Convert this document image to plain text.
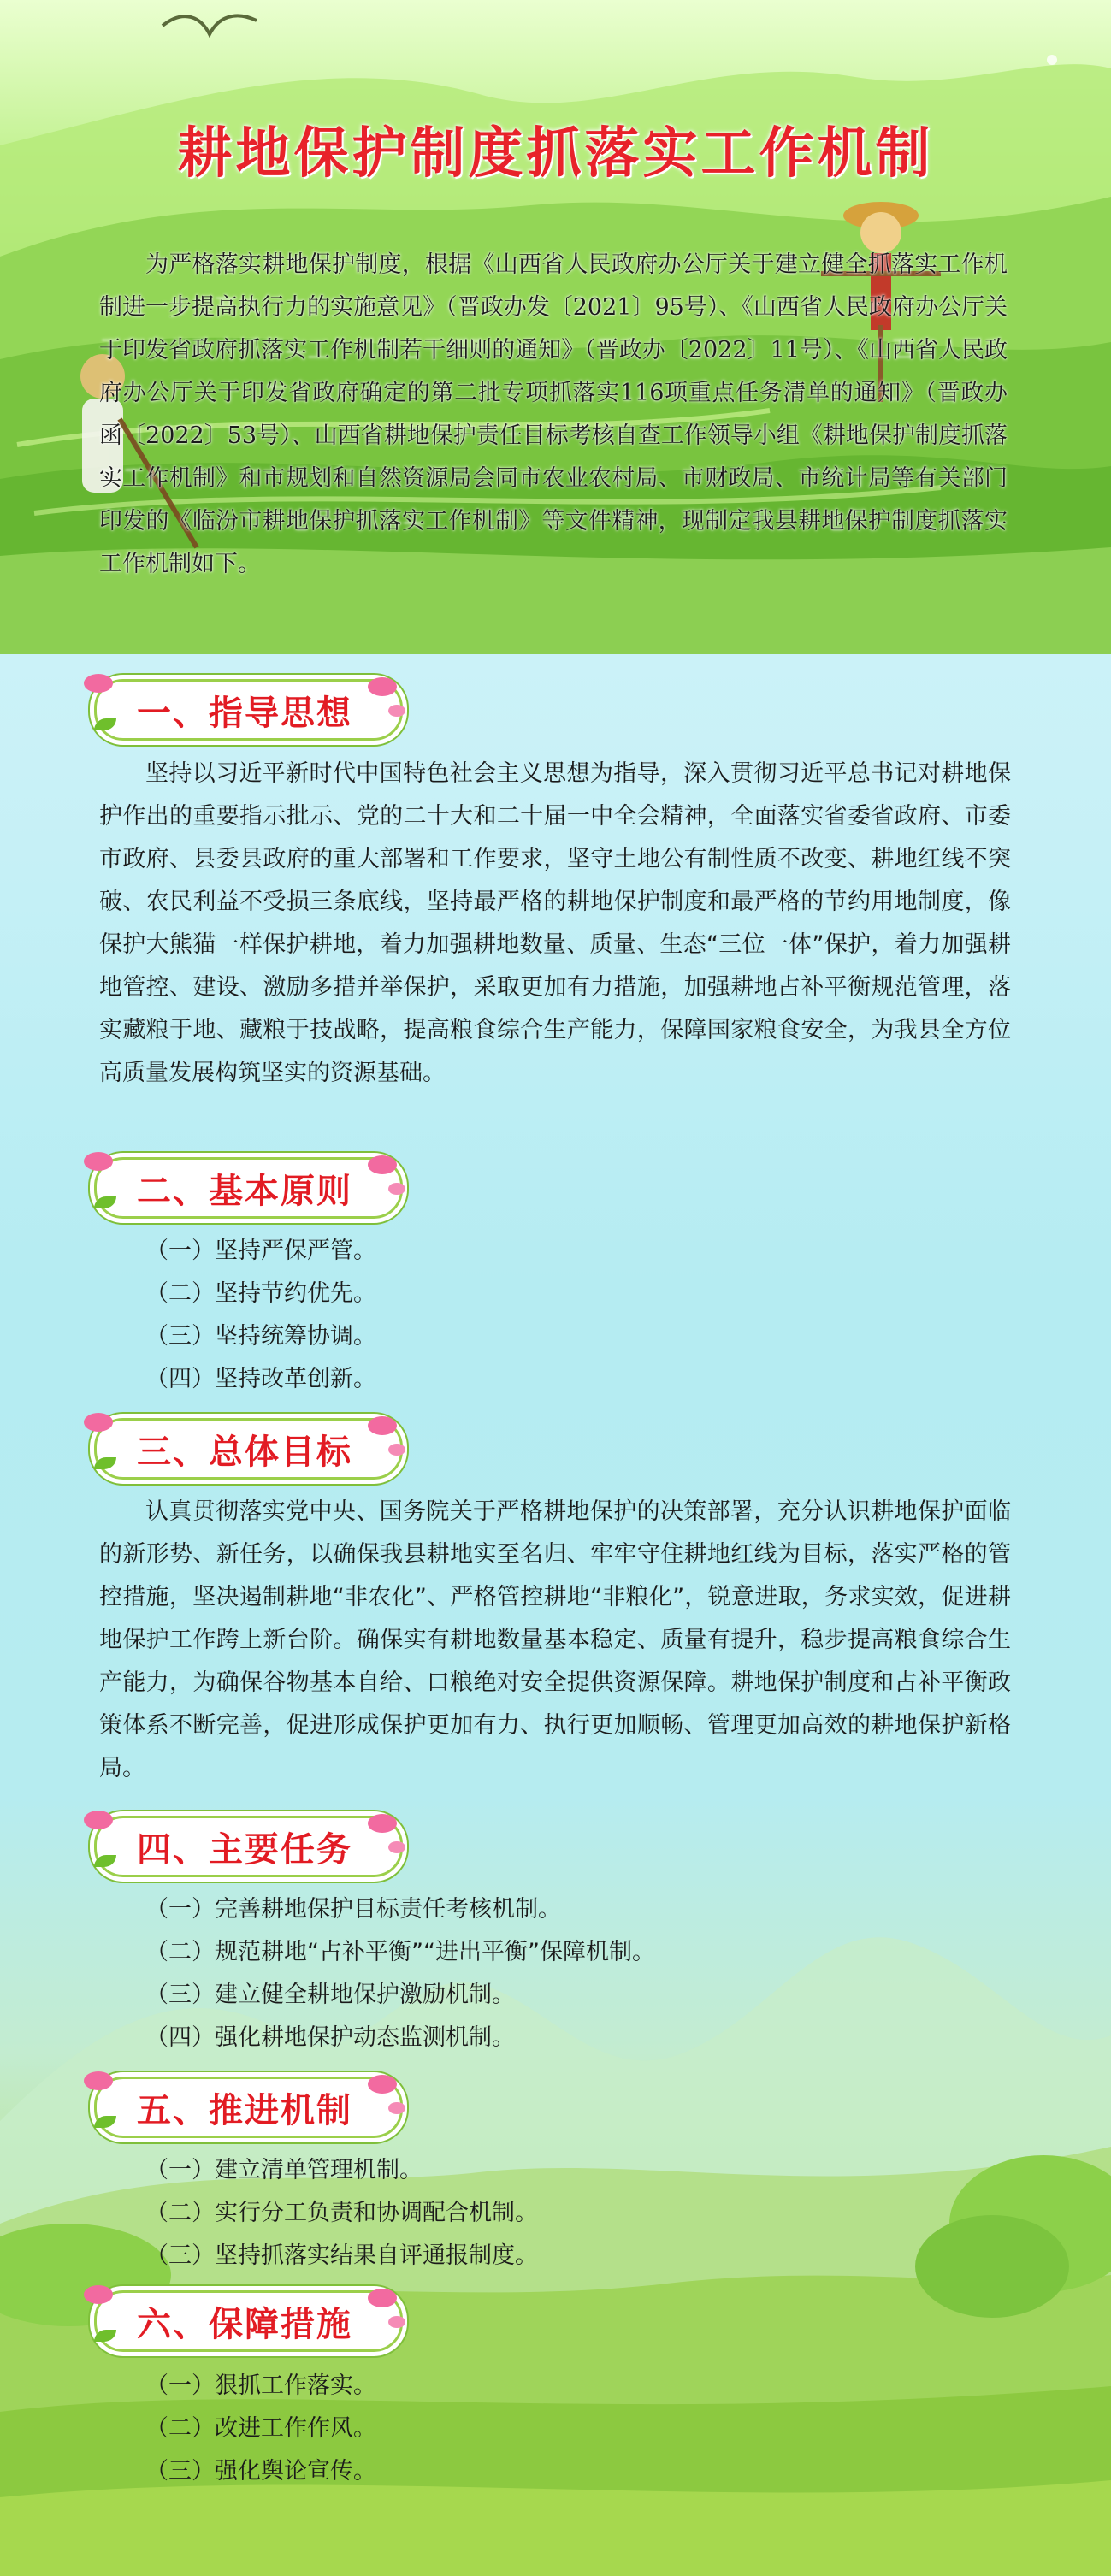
耕地保护制度抓落实工作机制

为严格落实耕地保护制度，根据《山西省人民政府办公厅关于建立健全抓落实工作机制进一步提高执行力的实施意见》（晋政办发〔2021〕95号）、《山西省人民政府办公厅关于印发省政府抓落实工作机制若干细则的通知》（晋政办〔2022〕11号）、《山西省人民政府办公厅关于印发省政府确定的第二批专项抓落实116项重点任务清单的通知》（晋政办函〔2022〕53号）、山西省耕地保护责任目标考核自查工作领导小组《耕地保护制度抓落实工作机制》和市规划和自然资源局会同市农业农村局、市财政局、市统计局等有关部门印发的《临汾市耕地保护抓落实工作机制》等文件精神，现制定我县耕地保护制度抓落实工作机制如下。

一、指导思想

坚持以习近平新时代中国特色社会主义思想为指导，深入贯彻习近平总书记对耕地保护作出的重要指示批示、党的二十大和二十届一中全会精神，全面落实省委省政府、市委市政府、县委县政府的重大部署和工作要求，坚守土地公有制性质不改变、耕地红线不突破、农民利益不受损三条底线，坚持最严格的耕地保护制度和最严格的节约用地制度，像保护大熊猫一样保护耕地，着力加强耕地数量、质量、生态“三位一体”保护，着力加强耕地管控、建设、激励多措并举保护，采取更加有力措施，加强耕地占补平衡规范管理，落实藏粮于地、藏粮于技战略，提高粮食综合生产能力，保障国家粮食安全，为我县全方位高质量发展构筑坚实的资源基础。

二、基本原则
（一）坚持严保严管。
（二）坚持节约优先。
（三）坚持统筹协调。
（四）坚持改革创新。
三、总体目标

认真贯彻落实党中央、国务院关于严格耕地保护的决策部署，充分认识耕地保护面临的新形势、新任务，以确保我县耕地实至名归、牢牢守住耕地红线为目标，落实严格的管控措施，坚决遏制耕地“非农化”、严格管控耕地“非粮化”，锐意进取，务求实效，促进耕地保护工作跨上新台阶。确保实有耕地数量基本稳定、质量有提升，稳步提高粮食综合生产能力，为确保谷物基本自给、口粮绝对安全提供资源保障。耕地保护制度和占补平衡政策体系不断完善，促进形成保护更加有力、执行更加顺畅、管理更加高效的耕地保护新格局。

四、主要任务
（一）完善耕地保护目标责任考核机制。
（二）规范耕地“占补平衡”“进出平衡”保障机制。
（三）建立健全耕地保护激励机制。
（四）强化耕地保护动态监测机制。
五、推进机制
（一）建立清单管理机制。
（二）实行分工负责和协调配合机制。
（三）坚持抓落实结果自评通报制度。
六、保障措施
（一）狠抓工作落实。
（二）改进工作作风。
（三）强化舆论宣传。
